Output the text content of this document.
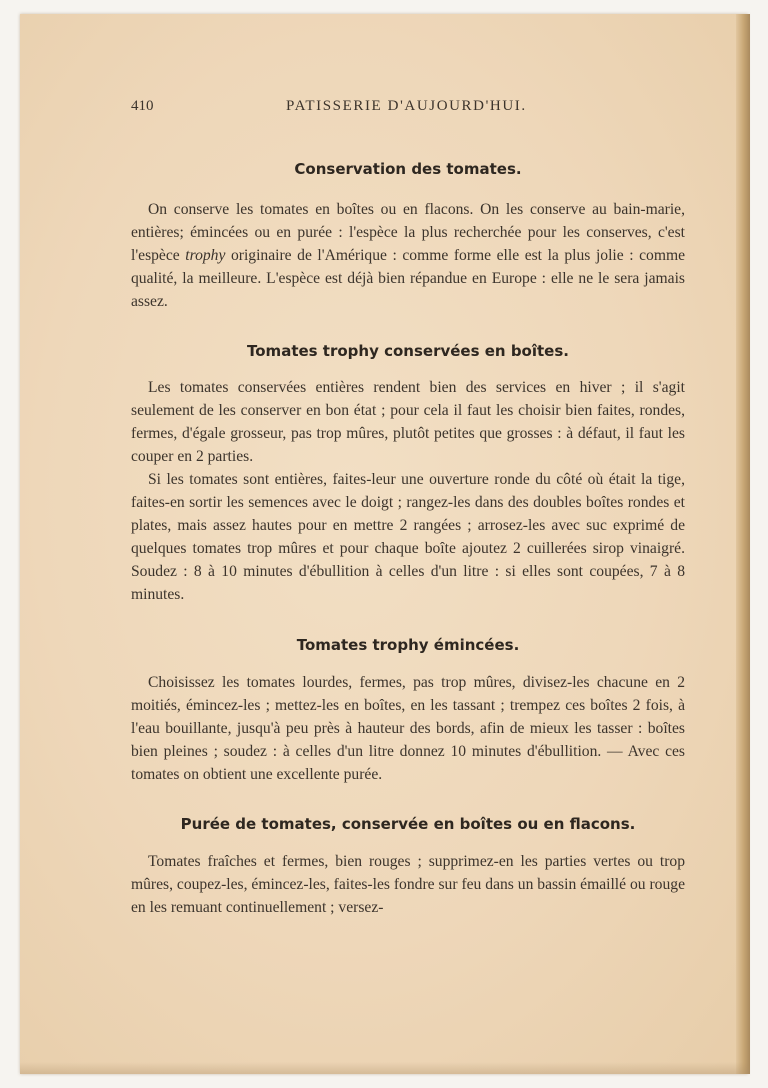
410	PATISSERIE D'AUJOURD'HUI.
Conservation des tomates.

On conserve les tomates en boîtes ou en flacons. On les conserve au bain-marie, entières; émincées ou en purée : l'espèce la plus recherchée pour les conserves, c'est l'espèce trophy originaire de l'Amérique : comme forme elle est la plus jolie : comme qualité, la meilleure. L'espèce est déjà bien répandue en Europe : elle ne le sera jamais assez.

Tomates trophy conservées en boîtes.

Les tomates conservées entières rendent bien des services en hiver ; il s'agit seulement de les conserver en bon état ; pour cela il faut les choisir bien faites, rondes, fermes, d'égale grosseur, pas trop mûres, plutôt petites que grosses : à défaut, il faut les couper en 2 parties.

Si les tomates sont entières, faites-leur une ouverture ronde du côté où était la tige, faites-en sortir les semences avec le doigt ; rangez-les dans des doubles boîtes rondes et plates, mais assez hautes pour en mettre 2 rangées ; arrosez-les avec suc exprimé de quelques tomates trop mûres et pour chaque boîte ajoutez 2 cuillerées sirop vinaigré. Soudez : 8 à 10 minutes d'ébullition à celles d'un litre : si elles sont coupées, 7 à 8 minutes.

Tomates trophy émincées.

Choisissez les tomates lourdes, fermes, pas trop mûres, divisez-les chacune en 2 moitiés, émincez-les ; mettez-les en boîtes, en les tassant ; trempez ces boîtes 2 fois, à l'eau bouillante, jusqu'à peu près à hauteur des bords, afin de mieux les tasser : boîtes bien pleines ; soudez : à celles d'un litre donnez 10 minutes d'ébullition. — Avec ces tomates on obtient une excellente purée.

Purée de tomates, conservée en boîtes ou en flacons.

Tomates fraîches et fermes, bien rouges ; supprimez-en les parties vertes ou trop mûres, coupez-les, émincez-les, faites-les fondre sur feu dans un bassin émaillé ou rouge en les remuant continuellement ; versez-
